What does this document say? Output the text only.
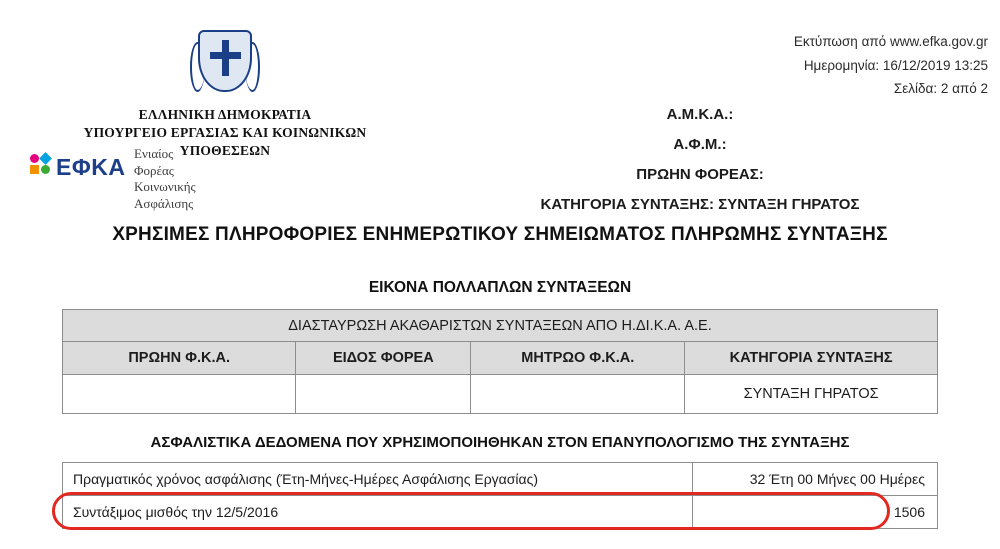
Εκτύπωση από www.efka.gov.gr
Ημερομηνία: 16/12/2019 13:25
Σελίδα: 2 από 2
ΕΛΛΗΝΙΚΗ ΔΗΜΟΚΡΑΤΙΑ
ΥΠΟΥΡΓΕΙΟ ΕΡΓΑΣΙΑΣ ΚΑΙ ΚΟΙΝΩΝΙΚΩΝ
ΥΠΟΘΕΣΕΩΝ
ΕΦΚΑ
Ενιαίος
Φορέας
Κοινωνικής
Ασφάλισης
Α.Μ.Κ.Α.:
Α.Φ.Μ.:
ΠΡΩΗΝ ΦΟΡΕΑΣ:
ΚΑΤΗΓΟΡΙΑ ΣΥΝΤΑΞΗΣ: ΣΥΝΤΑΞΗ ΓΗΡΑΤΟΣ
ΧΡΗΣΙΜΕΣ ΠΛΗΡΟΦΟΡΙΕΣ ΕΝΗΜΕΡΩΤΙΚΟΥ ΣΗΜΕΙΩΜΑΤΟΣ ΠΛΗΡΩΜΗΣ ΣΥΝΤΑΞΗΣ
ΕΙΚΟΝΑ ΠΟΛΛΑΠΛΩΝ ΣΥΝΤΑΞΕΩΝ
ΔΙΑΣΤΑΥΡΩΣΗ ΑΚΑΘΑΡΙΣΤΩΝ ΣΥΝΤΑΞΕΩΝ ΑΠΟ Η.ΔΙ.Κ.Α. Α.Ε.			
ΠΡΩΗΝ Φ.Κ.Α.	ΕΙΔΟΣ ΦΟΡΕΑ	ΜΗΤΡΩΟ Φ.Κ.Α.	ΚΑΤΗΓΟΡΙΑ ΣΥΝΤΑΞΗΣ
			ΣΥΝΤΑΞΗ ΓΗΡΑΤΟΣ
ΑΣΦΑΛΙΣΤΙΚΑ ΔΕΔΟΜΕΝΑ ΠΟΥ ΧΡΗΣΙΜΟΠΟΙΗΘΗΚΑΝ ΣΤΟΝ ΕΠΑΝΥΠΟΛΟΓΙΣΜΟ ΤΗΣ ΣΥΝΤΑΞΗΣ
Πραγματικός χρόνος ασφάλισης (Έτη-Μήνες-Ημέρες Ασφάλισης Εργασίας)	32 Έτη 00 Μήνες 00 Ημέρες
Συντάξιμος μισθός την 12/5/2016	1506
